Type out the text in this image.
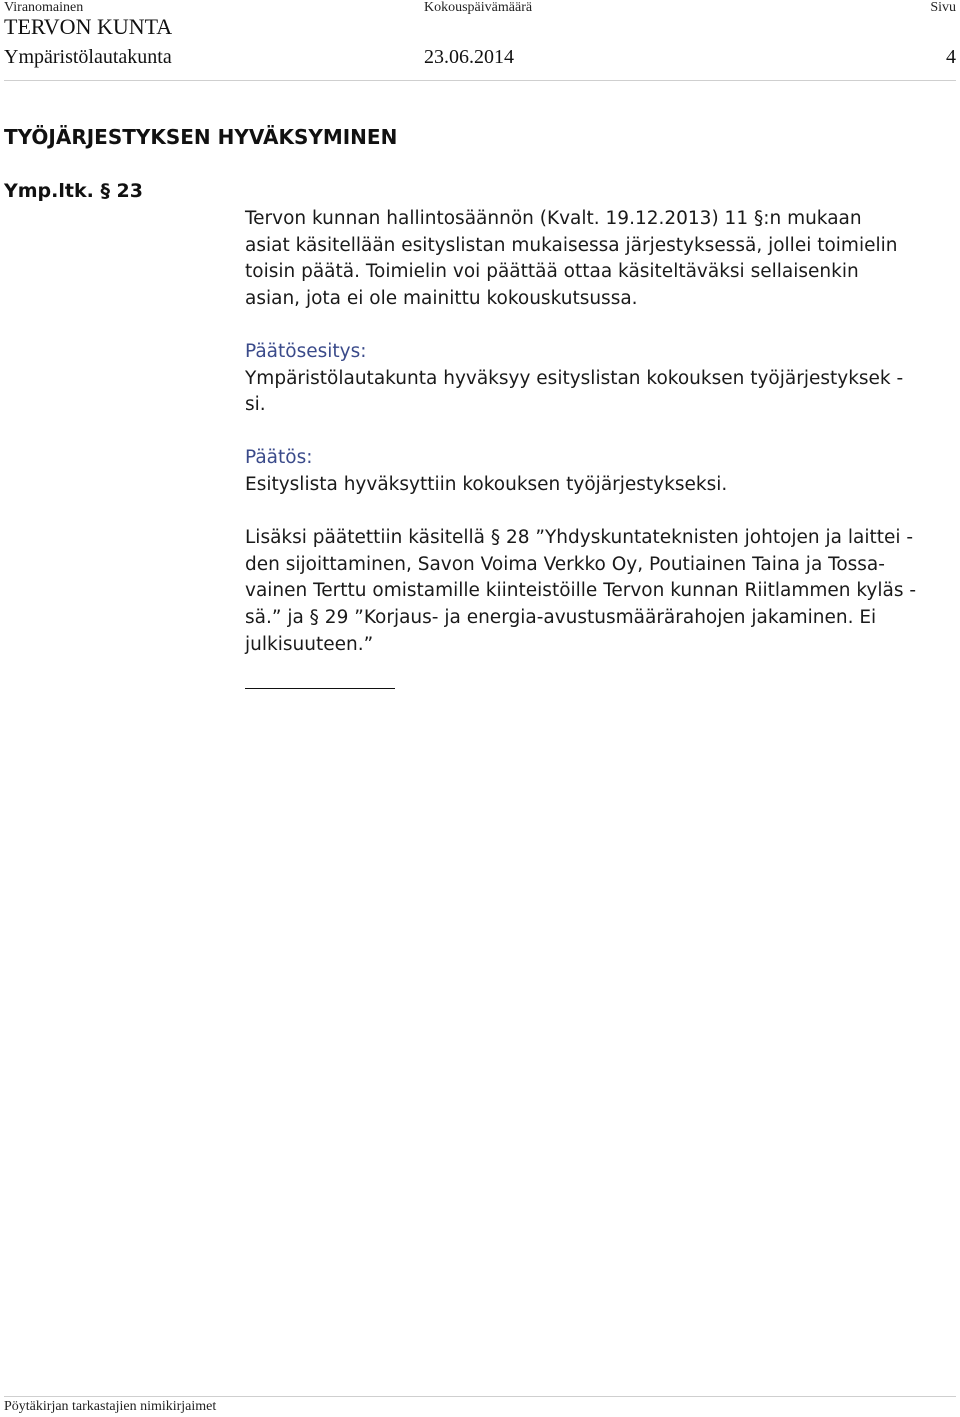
Viranomainen	Kokouspäivämäärä	Sivu
TERVON KUNTA
Ympäristölautakunta	23.06.2014	4
TYÖJÄRJESTYKSEN HYVÄKSYMINEN
Ymp.ltk. § 23

Tervon kunnan hallintosäännön (Kvalt. 19.12.2013) 11 §:n mukaan

asiat käsitellään esityslistan mukaisessa järjestyksessä, jollei toimielin

toisin päätä. Toimielin voi päättää ottaa käsiteltäväksi sellaisenkin

asian, jota ei ole mainittu kokouskutsussa.

Päätösesitys:

Ympäristölautakunta hyväksyy esityslistan kokouksen työjärjestyksek -

si.

Päätös:

Esityslista hyväksyttiin kokouksen työjärjestykseksi.

Lisäksi päätettiin käsitellä § 28 ”Yhdyskuntateknisten johtojen ja laittei -

den sijoittaminen, Savon Voima Verkko Oy, Poutiainen Taina ja Tossa-

vainen Terttu omistamille kiinteistöille Tervon kunnan Riitlammen kyläs -

sä.” ja § 29 ”Korjaus- ja energia-avustusmäärärahojen jakaminen. Ei

julkisuuteen.”

Pöytäkirjan tarkastajien nimikirjaimet
